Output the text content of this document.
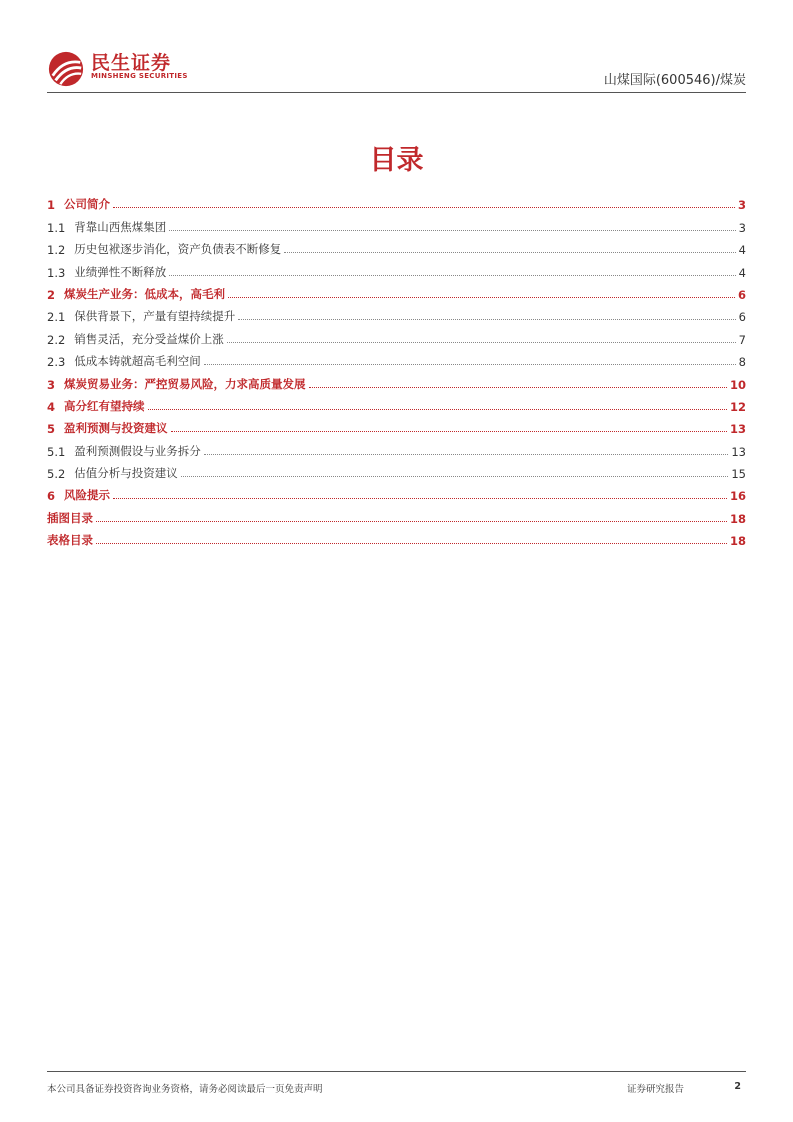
民生证券
MINSHENG SECURITIES	山煤国际(600546)/煤炭
目录
1 公司简介	3
1.1 背靠山西焦煤集团	3
1.2 历史包袱逐步消化，资产负债表不断修复	4
1.3 业绩弹性不断释放	4
2 煤炭生产业务：低成本，高毛利	6
2.1 保供背景下，产量有望持续提升	6
2.2 销售灵活，充分受益煤价上涨	7
2.3 低成本铸就超高毛利空间	8
3 煤炭贸易业务：严控贸易风险，力求高质量发展	10
4 高分红有望持续	12
5 盈利预测与投资建议	13
5.1 盈利预测假设与业务拆分	13
5.2 估值分析与投资建议	15
6 风险提示	16
插图目录	18
表格目录	18
本公司具备证券投资咨询业务资格，请务必阅读最后一页免责声明	证券研究报告	2
